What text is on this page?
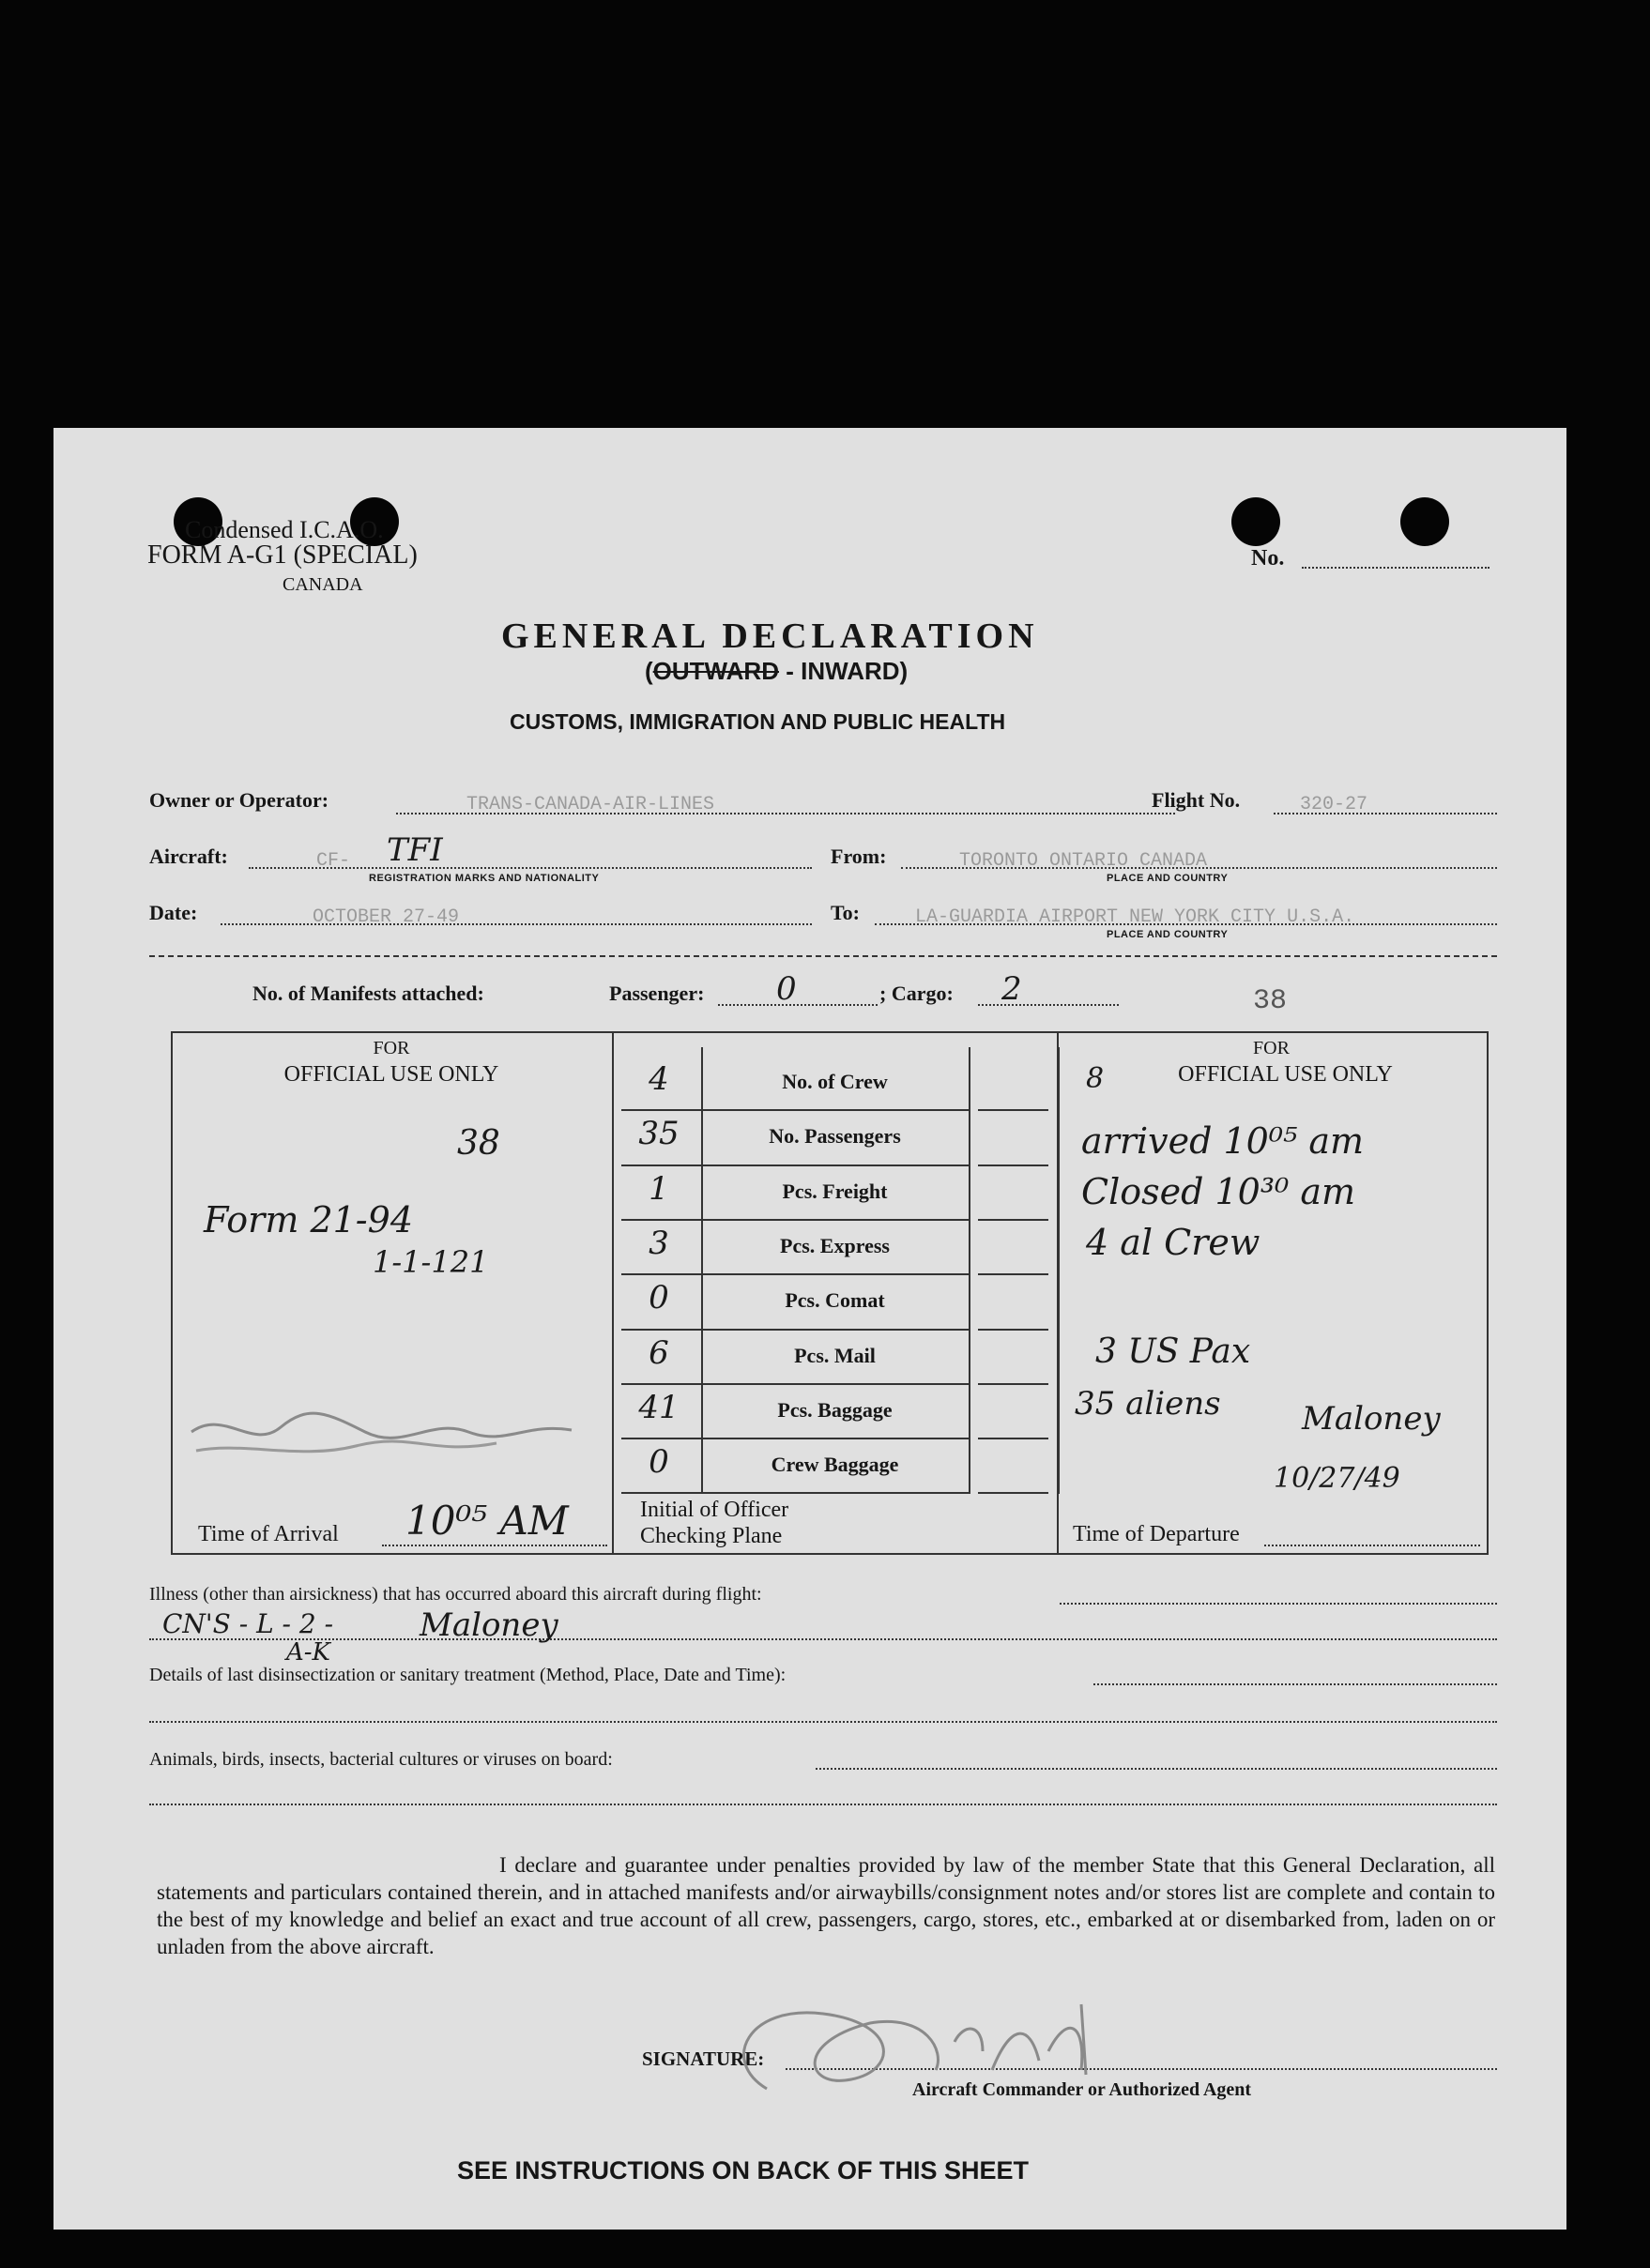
Condensed I.C.A.O.
FORM A-G1 (SPECIAL)
CANADA
No.
GENERAL DECLARATION
(OUTWARD - INWARD)
CUSTOMS, IMMIGRATION AND PUBLIC HEALTH
Owner or Operator:	TRANS-CANADA-AIR-LINES	Flight No.	320-27
Aircraft:	CF- TFI
REGISTRATION MARKS AND NATIONALITY
From:	TORONTO ONTARIO CANADA
PLACE AND COUNTRY
Date:	OCTOBER 27-49	To:	LA-GUARDIA AIRPORT NEW YORK CITY U.S.A.
PLACE AND COUNTRY
No. of Manifests attached:	Passenger: 0	; Cargo: 2	38
FOR
OFFICIAL USE ONLY
38
Form 21-94
1-1-121
Time of Arrival 10⁰⁵ AM	Initial of Officer
Checking Plane
FOR
OFFICIAL USE ONLY
8
arrived 10⁰⁵ am
Closed 10³⁰ am
4 al Crew
3 US Pax
35 aliens	Maloney
10/27/49
Time of Departure
Illness (other than airsickness) that has occurred aboard this aircraft during flight:
CN'S - L - 2 -
A-K
Maloney
Details of last disinsectization or sanitary treatment (Method, Place, Date and Time):
Animals, birds, insects, bacterial cultures or viruses on board:
I declare and guarantee under penalties provided by law of the member State that this General Declaration, all statements and particulars contained therein, and in attached manifests and/or airwaybills/consignment notes and/or stores list are complete and contain to the best of my knowledge and belief an exact and true account of all crew, passengers, cargo, stores, etc., embarked at or disembarked from, laden on or unladen from the above aircraft.
SIGNATURE:
Aircraft Commander or Authorized Agent
SEE INSTRUCTIONS ON BACK OF THIS SHEET
4	No. of Crew
35	No. Passengers
1	Pcs. Freight
3	Pcs. Express
0	Pcs. Comat
6	Pcs. Mail
41	Pcs. Baggage
0	Crew Baggage
